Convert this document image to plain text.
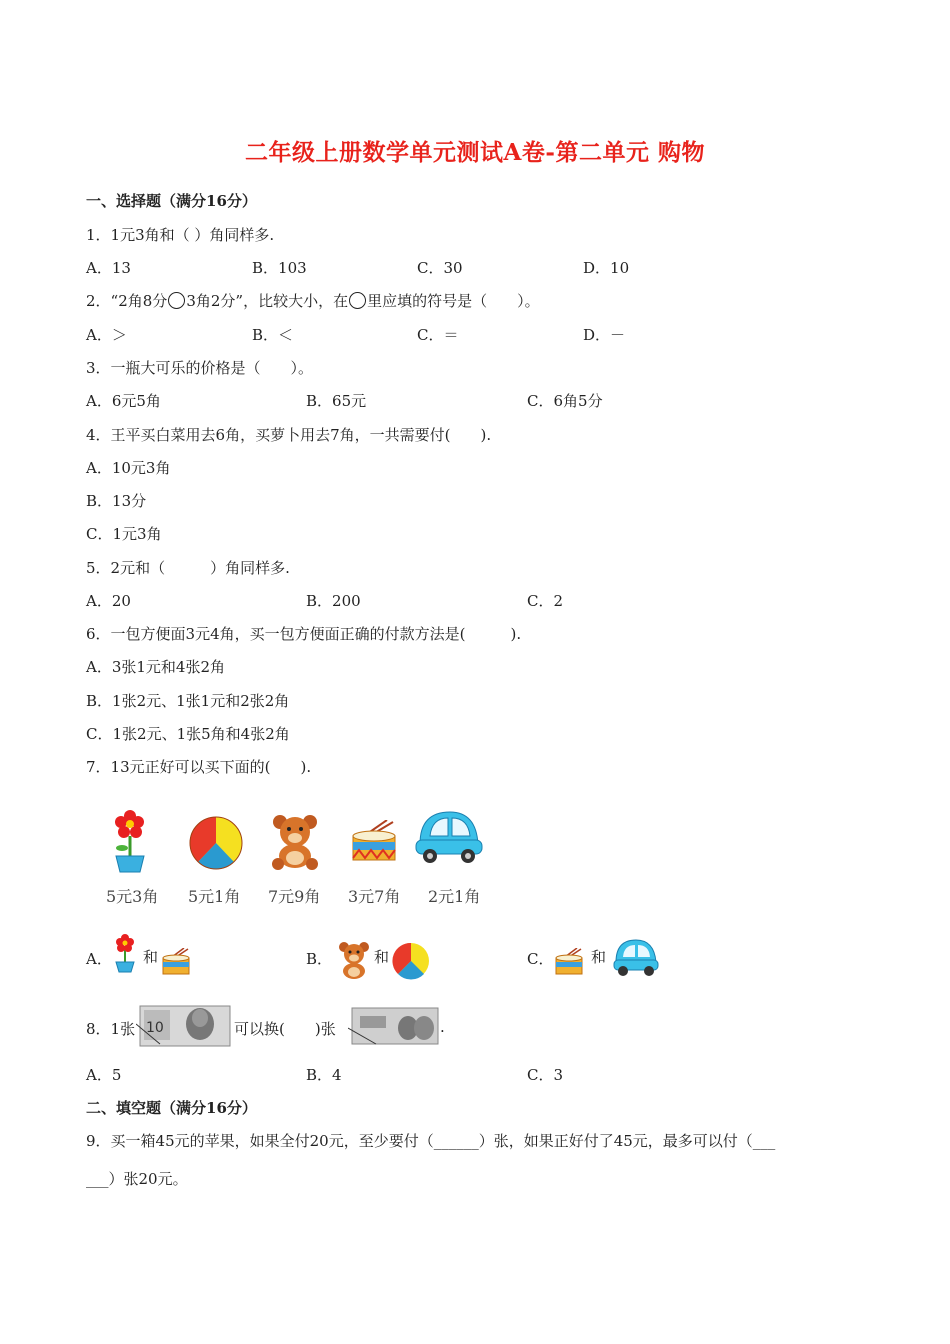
二年级上册数学单元测试A卷-第二单元 购物
一、选择题（满分16分）
1．1元3角和（ ）角同样多.
A．13	B．103	C．30	D．10
2．“2角8分 3角2分”，比较大小，在 里应填的符号是（　　）。
A．＞	B．＜	C．＝	D．－
3．一瓶大可乐的价格是（　　）。
A．6元5角	B．65元	C．6角5分
4．王平买白菜用去6角，买萝卜用去7角，一共需要付(　　).
A．10元3角
B．13分
C．1元3角
5．2元和（　　　）角同样多.
A．20	B．200	C．2
6．一包方便面3元4角，买一包方便面正确的付款方法是(　　　).
A．3张1元和4张2角
B．1张2元、1张1元和2张2角
C．1张2元、1张5角和4张2角
7．13元正好可以买下面的(　　).
5元3角 5元1角 7元9角 3元7角 2元1角
A． 和	B．	和	C．	和
8．1张 10	可以换(　　)张	.
A．5	B．4	C．3
二、填空题（满分16分）
9．买一箱45元的苹果，如果全付20元，至少要付（______）张，如果正好付了45元，最多可以付（___
___）张20元。
